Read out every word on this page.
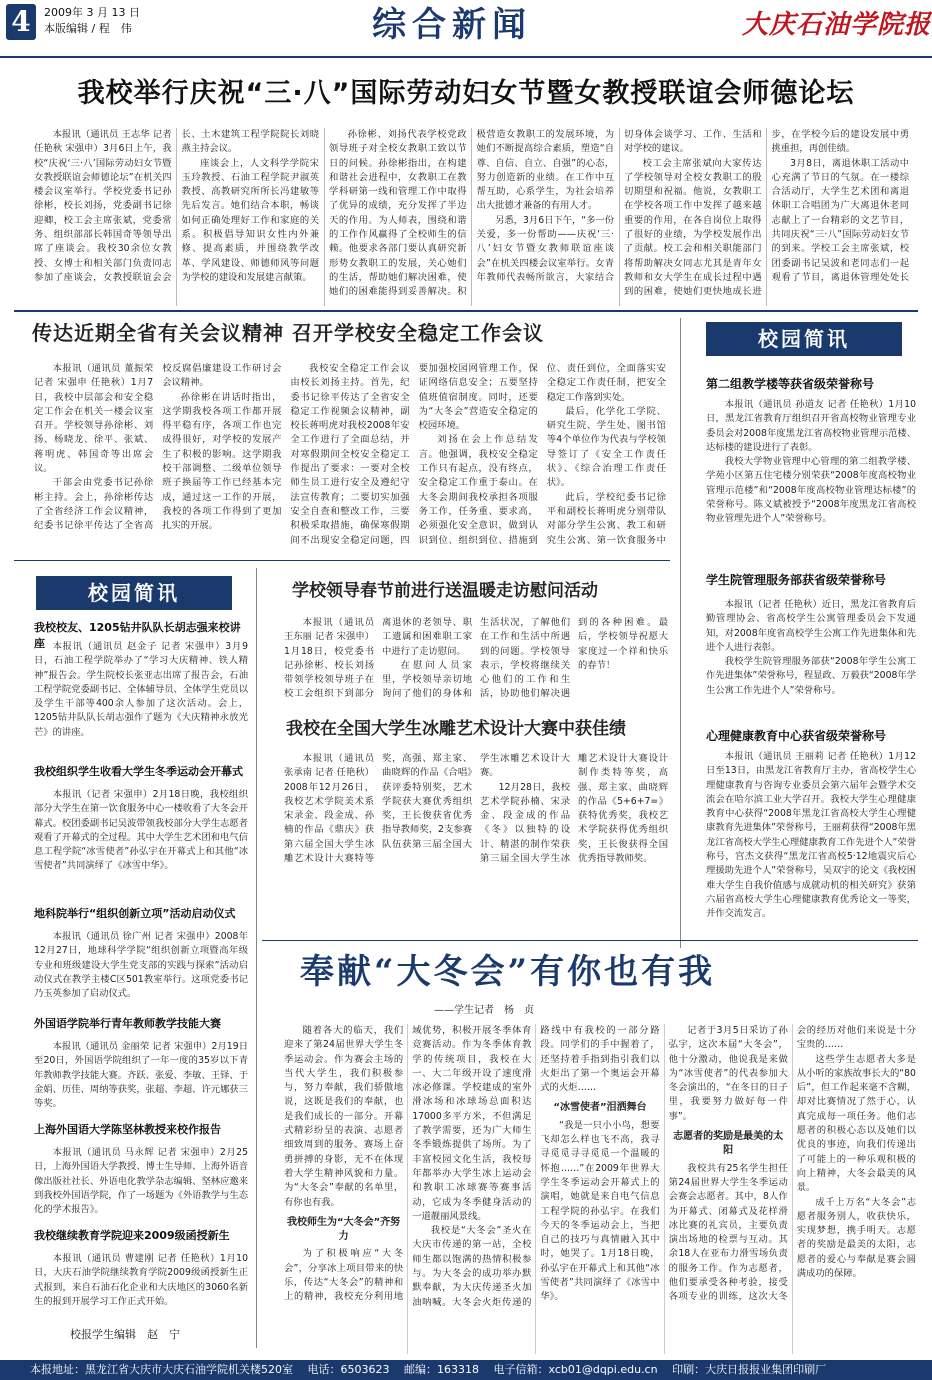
4	2009年 3 月 13 日
本版编辑 / 程　伟	综合新闻	大庆石油学院报
我校举行庆祝“三·八”国际劳动妇女节暨女教授联谊会师德论坛

本报讯（通讯员 王志华 记者 任艳秋 宋强申）3月6日上午，我校“庆祝‘三·八’国际劳动妇女节暨女教授联谊会师德论坛”在机关四楼会议室举行。学校党委书记孙徐彬，校长刘扬，党委副书记徐迎卿，校工会主席张斌，党委常务、组织部部长韩国奇等领导出席了座谈会。我校30余位女教授、女博士和相关部门负责同志参加了座谈会，女教授联谊会会长、土木建筑工程学院院长刘晓燕主持会议。

座谈会上，人文科学学院宋玉玲教授、石油工程学院尹淑英教授、高教研究所所长冯建敏等先后发言。她们结合本职，畅谈如何正确处理好工作和家庭的关系。积极倡导知识女性内外兼修、提高素质，并围绕教学改革、学风建设、师德师风等问题为学校的建设和发展建言献策。

孙徐彬、刘扬代表学校党政领导班子对全校女教职工致以节日的问候。孙徐彬指出，在构建和谐社会进程中，女教职工在教学科研第一线和管理工作中取得了优异的成绩，充分发挥了半边天的作用。为人师表，围绕和谐的工作作风赢得了全校师生的信赖。他要求各部门要认真研究新形势女教职工的发展，关心她们的生活，帮助她们解决困难，使她们的困难能得到妥善解决。积极营造女教职工的发展环境，为她们不断提高综合素质，塑造“自尊、自信、自立、自强”的心态，努力创造新的业绩。在工作中互帮互助，心系学生，为社会培养出大批德才兼备的有用人才。

另悉，3月6日下午，“多一份关爱，多一份帮助——庆祝‘三·八’妇女节暨女教师联谊座谈会”在机关四楼会议室举行。女青年教师代表畅所欲言，大家结合切身体会谈学习、工作、生活和对学校的建议。

校工会主席张斌向大家传达了学校领导对全校女教职工的殷切期望和祝福。他说，女教职工在学校各项工作中发挥了越来越重要的作用，在各自岗位上取得了很好的业绩，为学校发展作出了贡献。校工会和相关职能部门将帮助解决女同志尤其是青年女教师和女大学生在成长过程中遇到的困难，使她们更快地成长进步，在学校今后的建设发展中勇挑重担，再创佳绩。

3月8日，离退休职工活动中心充满了节日的气氛。在一楼综合活动厅，大学生艺术团和离退休职工合唱团为广大离退休老同志献上了一台精彩的文艺节目，共同庆祝“三·八”国际劳动妇女节的到来。学校工会主席张斌，校团委副书记吴波和老同志们一起观看了节目，离退休管理处处长

传达近期全省有关会议精神 召开学校安全稳定工作会议

本报讯（通讯员 董振荣 记者 宋强申 任艳秋）1月7日，我校中层部会和安全稳定工作会在机关一楼会议室召开。学校领导孙徐彬、刘扬、杨晓龙、徐平、张斌、蒋明虎、韩国奇等出席会议。

干部会由党委书记孙徐彬主持。会上，孙徐彬传达了全省经济工作会议精神，纪委书记徐平传达了全省高校反腐倡廉建设工作研讨会会议精神。

孙徐彬在讲话时指出，这学期我校各项工作都开展得平稳有序，各项工作也完成得很好，对学校的发展产生了积极的影响。这学期我校干部调整、二级单位领导班子换届等工作已经基本完成，通过这一工作的开展，我校的各项工作得到了更加扎实的开展。

我校安全稳定工作会议由校长刘扬主持。首先，纪委书记徐平传达了全省安全稳定工作视频会议精神，副校长蒋明虎对我校2008年安全工作进行了全面总结，并对寒假期间全校安全稳定工作提出了要求：一要对全校师生员工进行安全及遵纪守法宣传教育；二要切实加强安全自查和整改工作，三要积极采取措施，确保寒假期间不出现安全稳定问题，四要加强校园网管理工作，保证网络信息安全；五要坚持值班值宿制度。同时，还要为“大冬会”营造安全稳定的校园环境。

刘扬在会上作总结发言。他强调，我校安全稳定工作只有起点，没有终点，安全稳定工作重于泰山。在大冬会期间我校承担各项服务工作，任务重、要求高，必须强化安全意识，做到认识到位、组织到位、措施到位、责任到位，全面落实安全稳定工作责任制，把安全稳定工作落到实处。

最后，化学化工学院、研究生院、学生处、图书馆等4个单位作为代表与学校领导签订了《安全工作责任状》、《综合治理工作责任状》。

此后，学校纪委书记徐平和副校长蒋明虎分别带队对部分学生公寓、教工和研究生公寓、第一饮食服务中

校园简讯
第二组教学楼等获省级荣誉称号

本报讯（通讯员 孙道友 记者 任艳秋）1月10日，黑龙江省教育厅组织召开省高校物业管理专业委员会对2008年度黑龙江省高校物业管理示范楼、达标楼的建设进行了表彰。

我校大学物业管理中心管理的第二组教学楼、学苑小区第五住宅楼分别荣获“2008年度高校物业管理示范楼”和“2008年度高校物业管理达标楼”的荣誉称号。陈义斌被授予“2008年度黑龙江省高校物业管理先进个人”荣誉称号。

学生院管理服务部获省级荣誉称号

本报讯（记者 任艳秋）近日，黑龙江省教育后勤管理协会、省高校学生公寓管理委员会下发通知，对2008年度省高校学生公寓工作先进集体和先进个人进行表彰。

我校学生院管理服务部获“2008年学生公寓工作先进集体”荣誉称号，程显政、万毅获“2008年学生公寓工作先进个人”荣誉称号。

心理健康教育中心获省级荣誉称号

本报讯（通讯员 王丽莉 记者 任艳秋）1月12日至13日，由黑龙江省教育厅主办，省高校学生心理健康教育与咨询专业委员会第六届年会暨学术交流会在哈尔滨工业大学召开。我校大学生心理健康教育中心获得“2008年黑龙江省高校大学生心理健康教育先进集体”荣誉称号，王丽莉获得“2008年黑龙江省高校大学生心理健康教育工作先进个人”荣誉称号，宫杰文获得“黑龙江省高校5·12地震灾后心理援助先进个人”荣誉称号，吴双宇的论文《我校困难大学生自我价值感与成就动机的相关研究》获第六届省高校大学生心理健康教育优秀论文一等奖，并作交流发言。

校园简讯
我校校友、1205钻井队队长胡志强来校讲座 本报讯（通讯员 赵金子 记者 宋强申）3月9日，石油工程学院举办了“学习大庆精神、铁人精神”报告会。学生院校长张亚志出席了报告会，石油工程学院党委副书记、全体辅导员、全体学生党员以及学生干部等400余人参加了这次活动。会上，1205钻井队队长胡志强作了题为《大庆精神永放光芒》的讲座。

我校组织学生收看大学生冬季运动会开幕式

本报讯（记者 宋强申）2月18日晚，我校组织部分大学生在第一饮食服务中心一楼收看了大冬会开幕式。校团委副书记吴波带领我校部分大学生志愿者观看了开幕式的全过程。其中大学生艺术团和电气信息工程学院“冰雪使者”孙弘宇在开幕式上和其他“冰雪使者”共同演绎了《冰雪中华》。

地科院举行“组织创新立项”活动启动仪式

本报讯（通讯员 徐广州 记者 宋强申）2008年12月27日，地球科学学院“组织创新立项暨高年级专业和班级建设大学生党支部的实践与探索”活动启动仪式在教学主楼C区501教室举行。这项党委书记乃玉英参加了启动仪式。

外国语学院举行青年教师教学技能大赛

本报讯（通讯员 金丽荣 记者 宋强申）2月19日至20日，外国语学院组织了一年一度的35岁以下青年教师教学技能大赛。齐跃、张爱、李敏、王铎、于金娟、历佳、周纳等获奖，张超、李超、许元娜获三等奖。

上海外国语大学陈坚林教授来校作报告

本报讯（通讯员 马永辉 记者 宋强申）2月25日，上海外国语大学教授、博士生导师、上海外语音像出版社社长、外语电化教学杂志编辑、坚林应邀来到我校外国语学院，作了一场题为《外语教学与生态化的学术报告》。

我校继续教育学院迎来2009级函授新生

本报讯（通讯员 曹建刚 记者 任艳秋）1月10日，大庆石油学院继续教育学院2009级函授新生正式报到，来自石油石化企业和大庆地区的3060名新生的报到开展学习工作正式开始。

校报学生编辑　赵　宁
学校领导春节前进行送温暖走访慰问活动

本报讯（通讯员 王东丽 记者 宋强申）1月18日，校党委书记孙徐彬、校长刘扬带领学校领导班子在校工会组织下到部分离退休的老领导、职工遗属和困难职工家中进行了走访慰问。

在慰问人员家里，学校领导亲切地询问了他们的身体和生活状况，了解他们在工作和生活中所遇到的问题。学校领导表示，学校将继续关心他们的工作和生活，协助他们解决遇到的各种困难。最后，学校领导祝愿大家度过一个祥和快乐的春节！

我校在全国大学生冰雕艺术设计大赛中获佳绩

本报讯（通讯员 张承南 记者 任艳秋）2008年12月26日，我校艺术学院美术系宋录金、段金成、孙楠的作品《鼎庆》获第六届全国大学生冰雕艺术设计大赛特等奖，高强、郑主家、曲晓辉的作品《合唱》获评委特别奖，艺术学院获大赛优秀组织奖，王长俊获省优秀指导教师奖，2支参赛队伍获第三届全国大学生冰雕艺术设计大赛。

12月28日，我校艺术学院孙楠、宋录金、段金成的作品《冬》以独特的设计、精湛的制作荣获第三届全国大学生冰雕艺术设计大赛设计制作类特等奖，高强、郑主家、曲晓辉的作品《5+6+7=》获特优秀奖，我校艺术学院获得优秀组织奖，王长俊获得全国优秀指导教师奖。

奉献“大冬会”有你也有我
——学生记者　杨　贞

随着各大的临天，我们迎来了第24届世界大学生冬季运动会。作为赛会主场的当代大学生，我们积极参与，努力奉献，我们骄傲地说，这既是我们的奉献，也是我们成长的一部分。开幕式精彩纷呈的表演、志愿者细致周到的服务、赛场上奋勇拼搏的身影，无不在体现着大学生精神风貌和力量。为“大冬会”奉献的名单里，有你也有我。

我校师生为“大冬会”齐努力

为了积极响应“大冬会”，分享冰上项目带来的快乐，传达“大冬会”的精神和上的精神，我校充分利用地域优势，积极开展冬季体育竞赛活动。作为冬季体育教学的传统项目，我校在大一、大二年级开设了速度滑冰必修课。学校建成的室外滑冰场和冰球场总面积达17000多平方米，不但满足了教学需要，还为广大师生冬季锻炼提供了场所。为了丰富校园文化生活，我校每年都举办大学生冰上运动会和教职工冰球赛等赛事活动，它成为冬季健身活动的一道靓丽风景线。

我校是“大冬会”圣火在大庆市传递的第一站，全校师生都以饱满的热情积极参与。为大冬会的成功举办默默奉献，为大庆传递圣火加油呐喊。大冬会火炬传递的路线中有我校的一部分路段。同学们的手中握着了，还坚持着手指到指引我们以火炬出了第一个奥运会开幕式的火炬……

“冰雪使者”泪洒舞台

“我是一只小小鸟，想要飞却怎么样也飞不高，我寻寻觅觅寻寻觅觅一个温暖的怀抱……”在2009年世界大学生冬季运动会开幕式上的演唱，她就是来自电气信息工程学院的孙弘宇。在我们今天的冬季运动会上，当把自己的技巧与真情融入其中时，她哭了。1月18日晚，孙弘宇在开幕式上和其他“冰雪使者”共同演绎了《冰雪中华》。

记者于3月5日采访了孙弘宇，这次本届“大冬会”，他十分激动，他说我是来做为“冰雪使者”的代表参加大冬会演出的，“在冬日的日子里，我要努力做好每一件事”。

志愿者的奖励是最美的太阳

我校共有25名学生担任第24届世界大学生冬季运动会赛会志愿者。其中，8人作为开幕式、闭幕式及花样滑冰比赛的礼宾员，主要负责演出场地的检票与互动。其余18人在亚布力滑雪场负责的服务工作。作为志愿者，他们要承受各种考验，接受各项专业的训练，这次大冬会的经历对他们来说是十分宝贵的……

这些学生志愿者大多是从小听的家族故事长大的“80后”，但工作起来毫不含糊，却对比赛情况了然于心，认真完成每一项任务。他们志愿者的积极心态以及她们以优良的事迹，向我们传递出了可能上的一种乐观积极的向上精神，大冬会最美的风景。

成千上万名“大冬会”志愿者服务别人，收获快乐，实现梦想，携手明天。志愿者的奖励是最美的太阳，志愿者的爱心与奉献是赛会圆满成功的保障。

本报地址：黑龙江省大庆市大庆石油学院机关楼520室　 电话：6503623　 邮编：163318　 电子信箱：xcb01@dqpi.edu.cn　 印刷：大庆日报报业集团印刷厂
